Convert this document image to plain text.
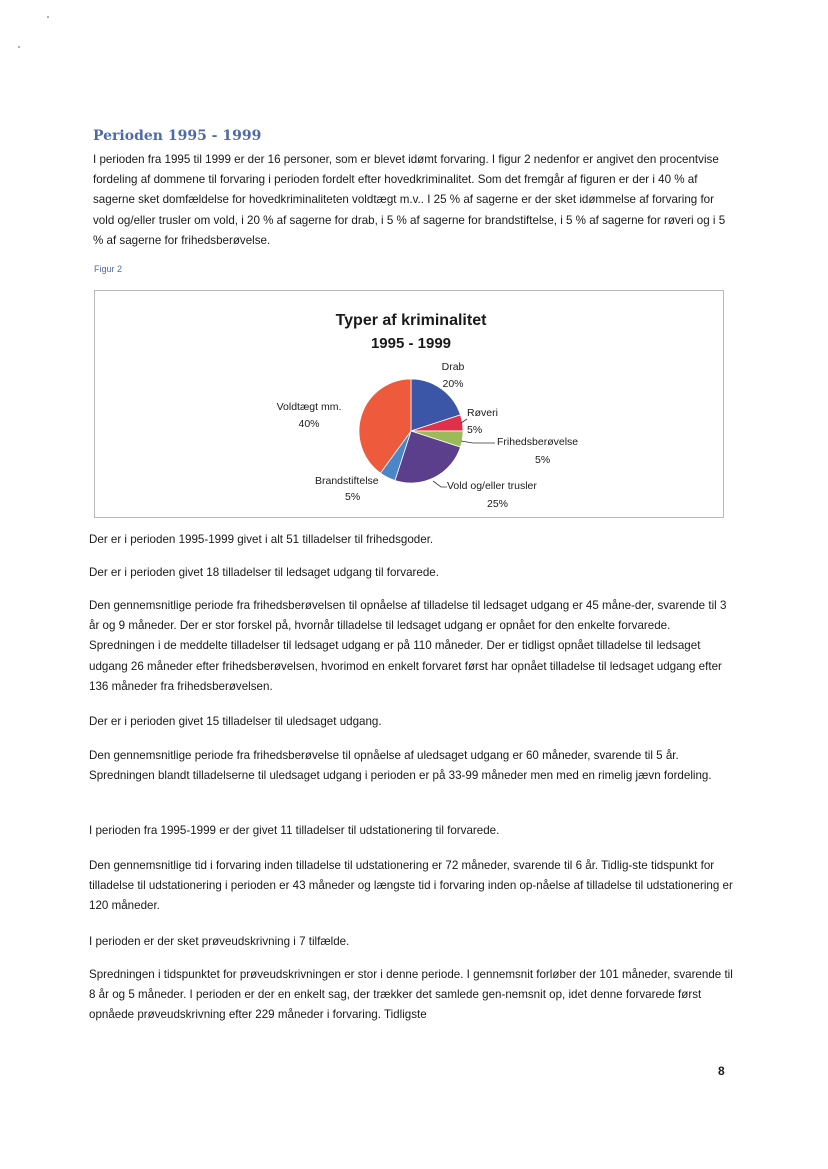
Perioden 1995 - 1999

I perioden fra 1995 til 1999 er der 16 personer, som er blevet idømt forvaring. I figur 2 nedenfor er angivet den procentvise fordeling af dommene til forvaring i perioden fordelt efter hovedkriminalitet. Som det fremgår af figuren er der i 40 % af sagerne sket domfældelse for hovedkriminaliteten voldtægt m.v.. I 25 % af sagerne er der sket idømmelse af forvaring for vold og/eller trusler om vold, i 20 % af sagerne for drab, i 5 % af sagerne for brandstiftelse, i 5 % af sagerne for røveri og i 5 % af sagerne for frihedsberøvelse.

Figur 2
Typer af kriminalitet
1995 - 1999
Drab
20%
Røveri
5%
Frihedsberøvelse
5%
Vold og/eller trusler
25%
Brandstiftelse
5%
Voldtægt mm.
40%

Der er i perioden 1995-1999 givet i alt 51 tilladelser til frihedsgoder.

Der er i perioden givet 18 tilladelser til ledsaget udgang til forvarede.

Den gennemsnitlige periode fra frihedsberøvelsen til opnåelse af tilladelse til ledsaget udgang er 45 måne-der, svarende til 3 år og 9 måneder. Der er stor forskel på, hvornår tilladelse til ledsaget udgang er opnået for den enkelte forvarede. Spredningen i de meddelte tilladelser til ledsaget udgang er på 110 måneder. Der er tidligst opnået tilladelse til ledsaget udgang 26 måneder efter frihedsberøvelsen, hvorimod en enkelt forvaret først har opnået tilladelse til ledsaget udgang efter 136 måneder fra frihedsberøvelsen.

Der er i perioden givet 15 tilladelser til uledsaget udgang.

Den gennemsnitlige periode fra frihedsberøvelse til opnåelse af uledsaget udgang er 60 måneder, svarende til 5 år. Spredningen blandt tilladelserne til uledsaget udgang i perioden er på 33-99 måneder men med en rimelig jævn fordeling.

I perioden fra 1995-1999 er der givet 11 tilladelser til udstationering til forvarede.

Den gennemsnitlige tid i forvaring inden tilladelse til udstationering er 72 måneder, svarende til 6 år. Tidlig-ste tidspunkt for tilladelse til udstationering i perioden er 43 måneder og længste tid i forvaring inden op-nåelse af tilladelse til udstationering er 120 måneder.

I perioden er der sket prøveudskrivning i 7 tilfælde.

Spredningen i tidspunktet for prøveudskrivningen er stor i denne periode. I gennemsnit forløber der 101 måneder, svarende til 8 år og 5 måneder. I perioden er der en enkelt sag, der trækker det samlede gen-nemsnit op, idet denne forvarede først opnåede prøveudskrivning efter 229 måneder i forvaring. Tidligste

8
